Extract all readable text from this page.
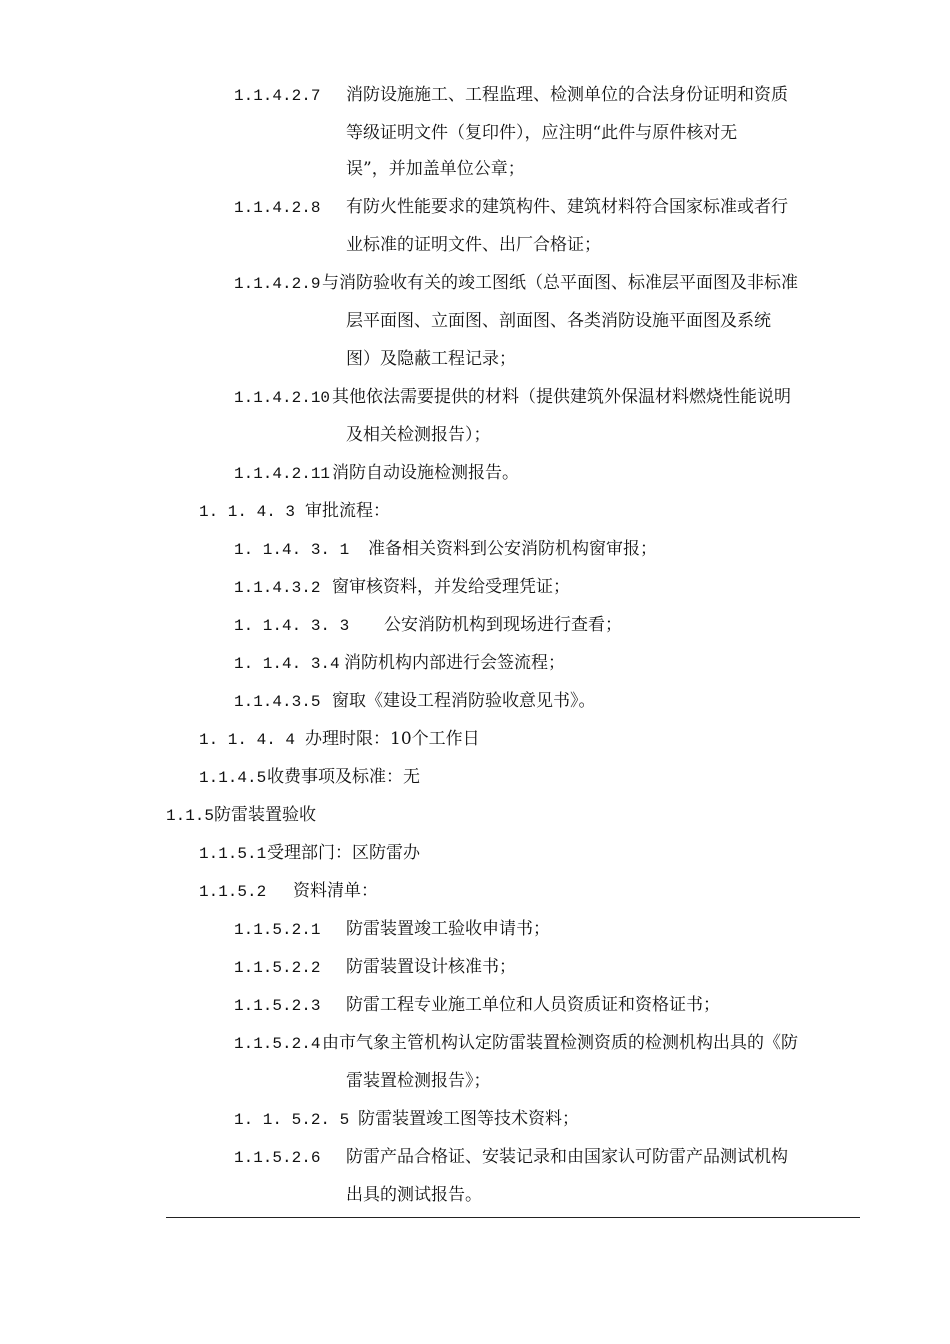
1.1.4.2.7 消防设施施工、工程监理、检测单位的合法身份证明和资质
等级证明文件（复印件），应注明“此件与原件核对无
误”，并加盖单位公章；
1.1.4.2.8 有防火性能要求的建筑构件、建筑材料符合国家标准或者行
业标准的证明文件、出厂合格证；
1.1.4.2.9与消防验收有关的竣工图纸（总平面图、标准层平面图及非标准
层平面图、立面图、剖面图、各类消防设施平面图及系统
图）及隐蔽工程记录；
1.1.4.2.10 其他依法需要提供的材料（提供建筑外保温材料燃烧性能说明
及相关检测报告）；
1.1.4.2.11 消防自动设施检测报告。
1. 1. 4. 3 审批流程：
1. 1.4. 3. 1 准备相关资料到公安消防机构窗审报；
1.1.4.3.2 窗审核资料，并发给受理凭证；
1. 1.4. 3. 3 公安消防机构到现场进行查看；
1. 1.4. 3.4 消防机构内部进行会签流程；
1.1.4.3.5 窗取《建设工程消防验收意见书》。
1. 1. 4. 4 办理时限：10个工作日
1.1.4.5收费事项及标准：无
1.1.5防雷装置验收
1.1.5.1受理部门：区防雷办
1.1.5.2 资料清单：
1.1.5.2.1 防雷装置竣工验收申请书；
1.1.5.2.2 防雷装置设计核准书；
1.1.5.2.3 防雷工程专业施工单位和人员资质证和资格证书；
1.1.5.2.4由市气象主管机构认定防雷装置检测资质的检测机构出具的《防
雷装置检测报告》；
1. 1. 5.2. 5 防雷装置竣工图等技术资料；
1.1.5.2.6 防雷产品合格证、安装记录和由国家认可防雷产品测试机构
出具的测试报告。
